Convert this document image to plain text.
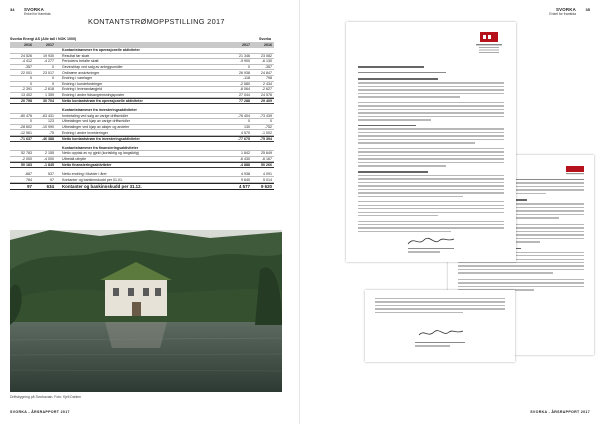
34 SVORKA
Enkel for framtida
SVORKA
Enkel for framtida
35
KONTANTSTRØMOPPSTILLING 2017
Svorka Energi AS (Alle tall i NOK 1000)	Svorka
2016	2017	2017	2016
Kontantstrømmer fra operasjonelle aktiviteter
24 526	19 930	Resultat før skatt	21 346	23 082
-4 412	-4 277	Periodens betalte skatt	-9 900	-6 130
-357	0	Gevinst/tap ved salg av anleggsmidler	0	-357
22 001	23 017	Ordinære avskrivninger	26 938	24 847
0	0	Endring i varelager	-118	798
0	0	Endring i kundefordringer	-2 580	2 434
-2 391	-2 618	Endring i leverandørgjeld	-6 064	-2 627
13 402	1 359	Endring i andre tidsavgrensningsposter	27 044	24 576
20 798	30 704	Netto kontantstrøm fra operasjonelle aktiviteter	77 288	29 409
Kontantstrømmer fra investeringsaktiviteter
-80 476	-63 431	Innbetaling ved salg av varige driftsmidler	-76 404	-73 439
0	123	Utbetalinger ved kjøp av varige driftsmidler	0	0
-28 602	-10 990	Utbetalinger ved kjøp av aksjer og andeler	130	-752
-12 561	-75	Endring i andre investeringer	4 570	-1 002
-71 637	-46 388	Netto kontantstrøm fra investeringsaktiviteter	-77 675	-75 394
Kontantstrømmer fra finansieringsaktiviteter
52 783	2 155	Netto opptak av ny gjeld (kortsiktig og langsiktig)	1 842	25 649
-2 000	-4 000	Utbetalt utbytte	-6 430	-6 167
50 183	-1 845	Netto finansieringsaktiviteter	-4 888	50 266
-687	537	Netto endring i likvider i året	4 938	4 091
784	97	Kontanter og bankinnskudd per 01.01.	9 640	5 014
97	634	Kontanter og bankinnskudd per 31.12.	4 577	9 620
Driftsbygning på Svorkavatn. Foto: Kjell Dahlen
SVORKA - ÅRSRAPPORT 2017	SVORKA - ÅRSRAPPORT 2017
